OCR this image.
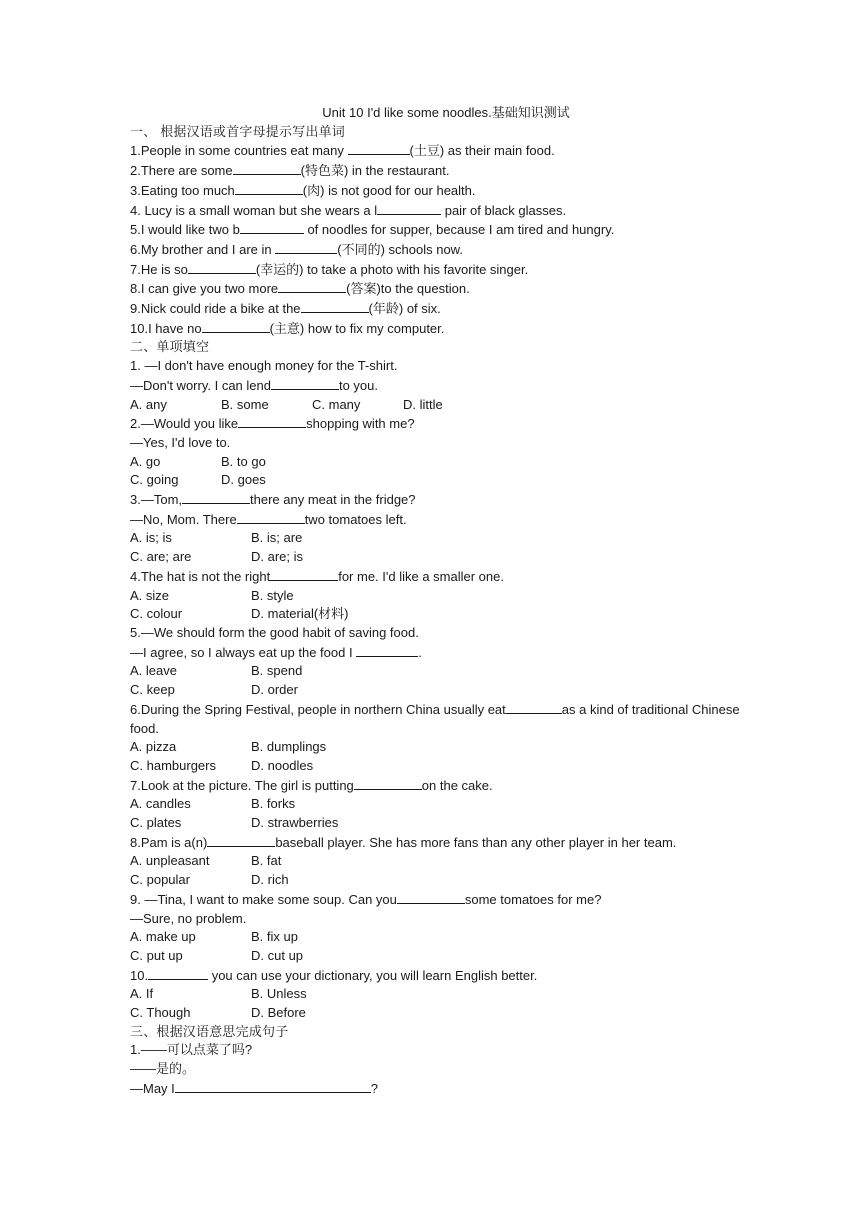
Unit 10 I'd like some noodles.基础知识测试
一、 根据汉语或首字母提示写出单词
1.People in some countries eat many	(土豆) as their main food.
2.There are some	(特色菜) in the restaurant.
3.Eating too much	(肉) is not good for our health.
4. Lucy is a small woman but she wears a l	pair of black glasses.
5.I would like two b	of noodles for supper, because I am tired and hungry.
6.My brother and I are in	(不同的) schools now.
7.He is so	(幸运的) to take a photo with his favorite singer.
8.I can give you two more	(答案)to the question.
9.Nick could ride a bike at the	(年龄) of six.
10.I have no	(主意) how to fix my computer.
二、单项填空
1. —I don't have enough money for the T-shirt.
—Don't worry. I can lend	to you.
A. any	B. some	C. many	D. little
2.—Would you like	shopping with me?
—Yes, I'd love to.
A. go	B. to go
C. going	D. goes
3.—Tom,	there any meat in the fridge?
—No, Mom. There	two tomatoes left.
A. is; is	B. is; are
C. are; are	D. are; is
4.The hat is not the right	for me. I'd like a smaller one.
A. size	B. style
C. colour	D. material(材料)
5.—We should form the good habit of saving food.
—I agree, so I always eat up the food I	.
A. leave	B. spend
C. keep	D. order
6.During the Spring Festival, people in northern China usually eat	as a kind of traditional Chinese food.
A. pizza	B. dumplings
C. hamburgers	D. noodles
7.Look at the picture. The girl is putting	on the cake.
A. candles	B. forks
C. plates	D. strawberries
8.Pam is a(n)	baseball player. She has more fans than any other player in her team.
A. unpleasant	B. fat
C. popular	D. rich
9. —Tina, I want to make some soup. Can you	some tomatoes for me?
—Sure, no problem.
A. make up	B. fix up
C. put up	D. cut up
10.	you can use your dictionary, you will learn English better.
A. If	B. Unless
C. Though	D. Before
三、根据汉语意思完成句子
1.——可以点菜了吗?
——是的。
—May I	?
